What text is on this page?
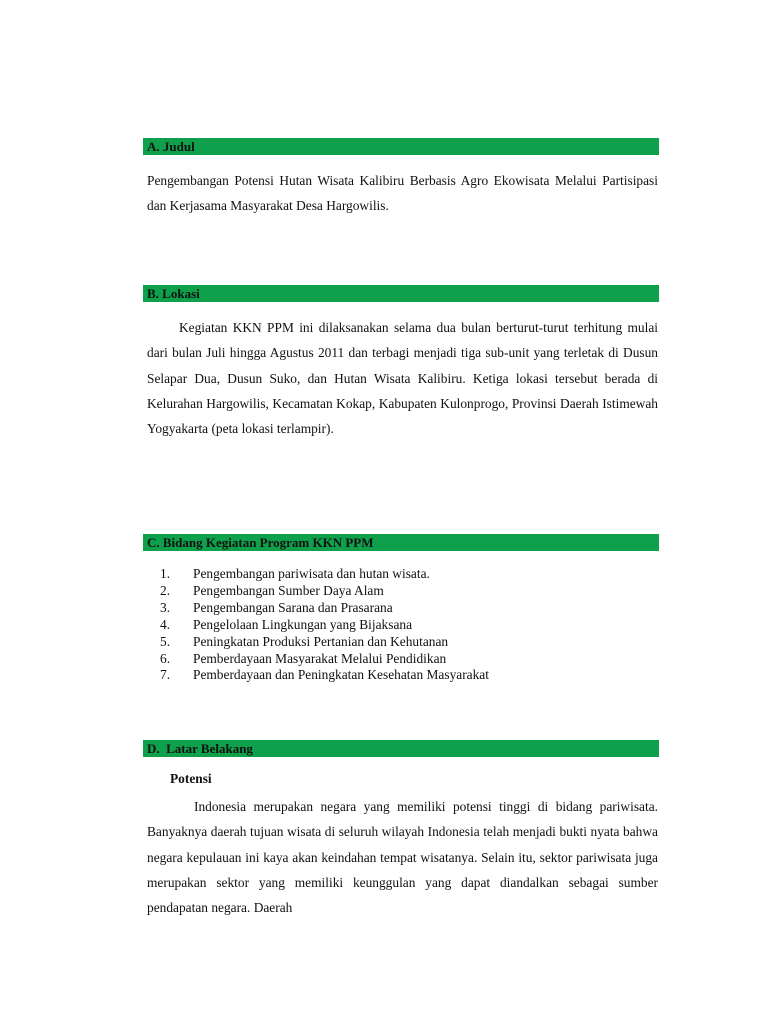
A. Judul
Pengembangan Potensi Hutan Wisata Kalibiru Berbasis Agro Ekowisata Melalui Partisipasi dan Kerjasama Masyarakat Desa Hargowilis.
B. Lokasi
Kegiatan KKN PPM ini dilaksanakan selama dua bulan berturut-turut terhitung mulai dari bulan Juli hingga Agustus 2011 dan terbagi menjadi tiga sub-unit yang terletak di Dusun Selapar Dua, Dusun Suko, dan Hutan Wisata Kalibiru. Ketiga lokasi tersebut berada di Kelurahan Hargowilis, Kecamatan Kokap, Kabupaten Kulonprogo, Provinsi Daerah Istimewah Yogyakarta (peta lokasi terlampir).
C. Bidang Kegiatan Program KKN PPM
1.	Pengembangan pariwisata dan hutan wisata.
2.	Pengembangan Sumber Daya Alam
3.	Pengembangan Sarana dan Prasarana
4.	Pengelolaan Lingkungan yang Bijaksana
5.	Peningkatan Produksi Pertanian dan Kehutanan
6.	Pemberdayaan Masyarakat Melalui Pendidikan
7.	Pemberdayaan dan Peningkatan Kesehatan Masyarakat
D.  Latar Belakang
Potensi
Indonesia merupakan negara yang memiliki potensi tinggi di bidang pariwisata. Banyaknya daerah tujuan wisata di seluruh wilayah Indonesia telah menjadi bukti nyata bahwa negara kepulauan ini kaya akan keindahan tempat wisatanya. Selain itu, sektor pariwisata juga merupakan sektor yang memiliki keunggulan yang dapat diandalkan sebagai sumber pendapatan negara. Daerah
